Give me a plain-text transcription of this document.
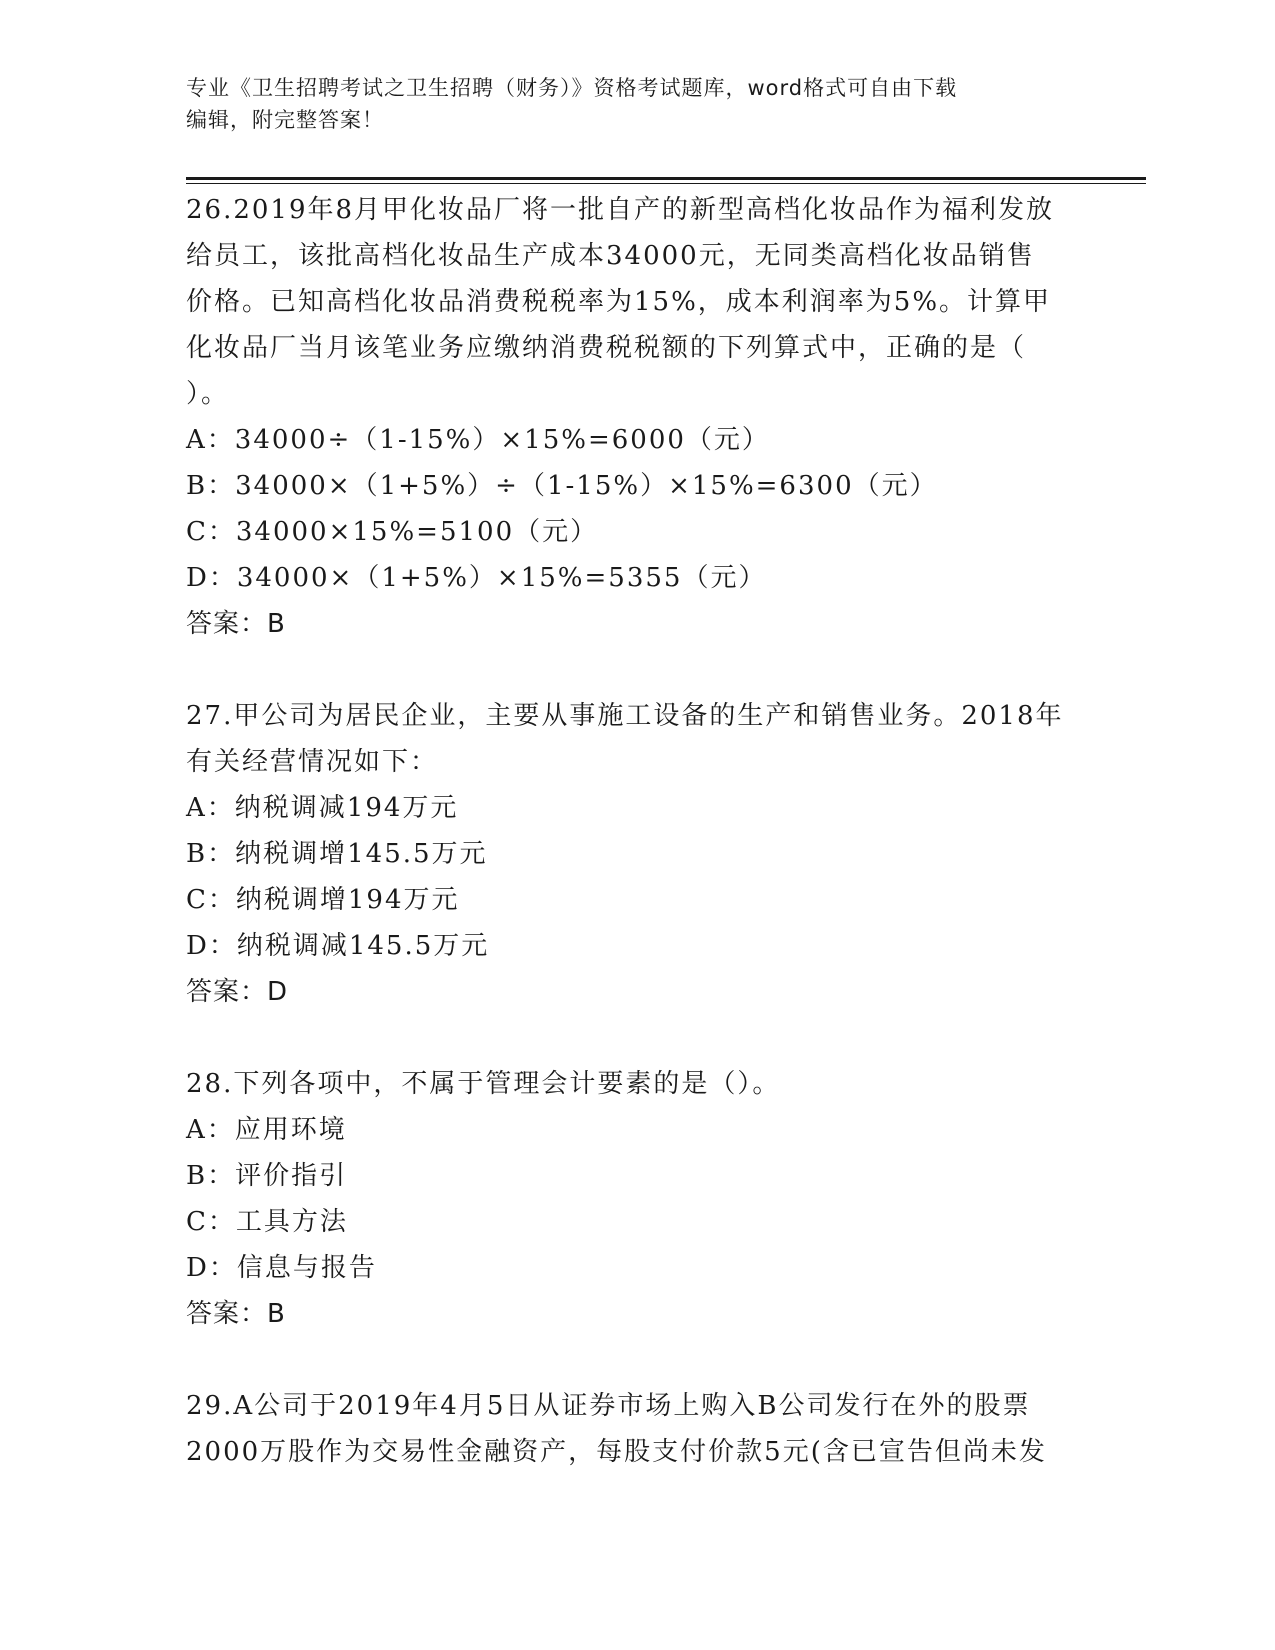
专业《卫生招聘考试之卫生招聘（财务）》资格考试题库，word格式可自由下载
编辑，附完整答案！

26.2019年8月甲化妆品厂将一批自产的新型高档化妆品作为福利发放

给员工，该批高档化妆品生产成本34000元，无同类高档化妆品销售

价格。已知高档化妆品消费税税率为15%，成本利润率为5%。计算甲

化妆品厂当月该笔业务应缴纳消费税税额的下列算式中，正确的是（

）。

A：34000÷（1-15%）×15%=6000（元）

B：34000×（1+5%）÷（1-15%）×15%=6300（元）

C：34000×15%=5100（元）

D：34000×（1+5%）×15%=5355（元）

答案：B

27.甲公司为居民企业，主要从事施工设备的生产和销售业务。2018年

有关经营情况如下：

A：纳税调减194万元

B：纳税调增145.5万元

C：纳税调增194万元

D：纳税调减145.5万元

答案：D

28.下列各项中，不属于管理会计要素的是（）。

A：应用环境

B：评价指引

C：工具方法

D：信息与报告

答案：B

29.A公司于2019年4月5日从证券市场上购入B公司发行在外的股票

2000万股作为交易性金融资产，每股支付价款5元(含已宣告但尚未发
